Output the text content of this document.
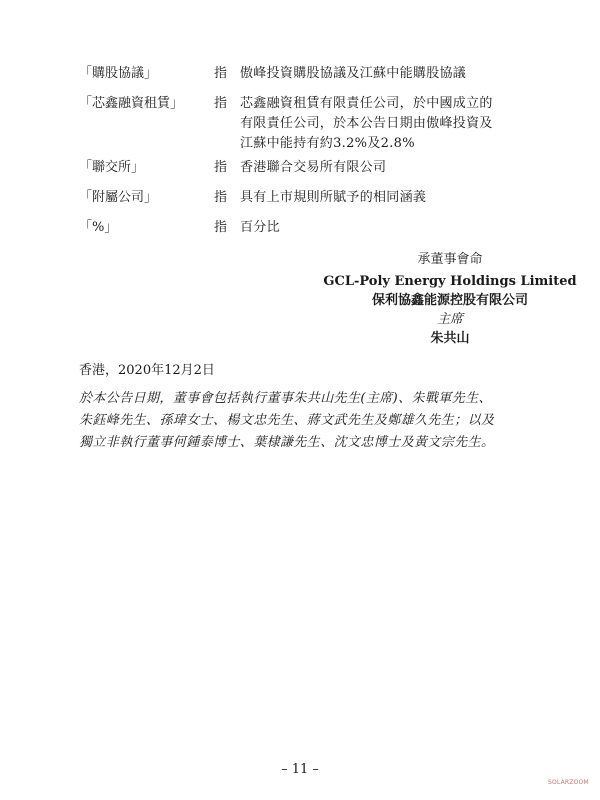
「購股協議」	指 傲峰投資購股協議及江蘇中能購股協議
「芯鑫融資租賃」 指 芯鑫融資租賃有限責任公司，於中國成立的有限責任公司，於本公告日期由傲峰投資及江蘇中能持有約3.2%及2.8%
「聯交所」	指 香港聯合交易所有限公司
「附屬公司」	指 具有上市規則所賦予的相同涵義
「%」	指 百分比
承董事會命
GCL-Poly Energy Holdings Limited
保利協鑫能源控股有限公司
主席
朱共山
香港，2020年12月2日
於本公告日期，董事會包括執行董事朱共山先生(主席)、朱戰軍先生、朱鈺峰先生、孫瑋女士、楊文忠先生、蔣文武先生及鄭雄久先生；以及獨立非執行董事何鍾泰博士、葉棣謙先生、沈文忠博士及黃文宗先生。
– 11 –
SOLARZOOM
